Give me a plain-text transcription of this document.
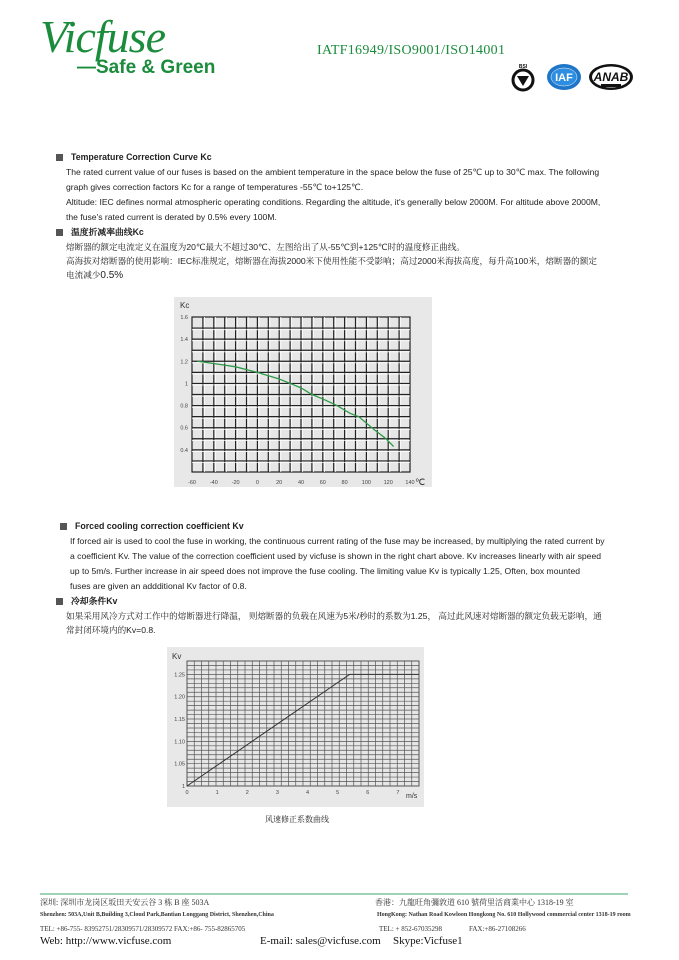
Vicfuse
—Safe & Green
IATF16949/ISO9001/ISO14001
BSI
IAF ANAB
Temperature Correction Curve Kc
The rated current value of our fuses is based on the ambient temperature in the space below the fuse of 25℃ up to 30℃ max. The following
graph gives correction factors Kc for a range of temperatures -55℃ to+125℃.
Altitude: IEC defines normal atmospheric operating conditions. Regarding the altitude, it's generally below 2000M. For altitude above 2000M,
the fuse's rated current is derated by 0.5% every 100M.
温度折减率曲线Kc
熔断器的额定电流定义在温度为20℃最大不超过30℃、左图给出了从-55℃到+125℃时的温度修正曲线。
高海拔对熔断器的使用影响：IEC标准规定，熔断器在海拔2000米下使用性能不受影响；高过2000米海拔高度，每升高100米，熔断器的额定
电流减少0.5%
0.4
0.6
0.8
1
1.2
1.4
1.6
-60	-40	-20	0	20	40	60	80	100 120 140
Kc
℃
Forced cooling correction coefficient Kv
If forced air is used to cool the fuse in working, the continuous current rating of the fuse may be increased, by multiplying the rated current by
a coefficient Kv. The value of the correction coefficient used by vicfuse is shown in the right chart above. Kv increases linearly with air speed
up to 5m/s. Further increase in air speed does not improve the fuse cooling. The limiting value Kv is typically 1.25, Often, box mounted
fuses are given an addditional Kv factor of 0.8.
冷却条件Kv
如果采用风冷方式对工作中的熔断器进行降温， 则熔断器的负载在风速为5米/秒时的系数为1.25， 高过此风速对熔断器的额定负载无影响，通
常封闭环境内的Kv=0.8.
1
1.05
1.10
1.15
1.20
1.25
0	1	2	3	4	5	6	7
Kv
m/s
风速修正系数曲线
深圳: 深圳市龙岗区坂田天安云谷 3 栋 B 座 503A
Shenzhen: 503A,Unit B,Building 3,Cloud Park,Bantian Longgang District, Shenzhen,China
TEL: +86-755- 83952751/28309571/28309572 FAX:+86- 755-82865705
Web: http://www.vicfuse.com	E-mail: sales@vicfuse.com Skype:Vicfuse1
香港：九龍旺角彌敦道 610 號荷里活商業中心 1318-19 室
HongKong: Nathan Road Kowloon Hongkong No. 610 Hollywood commercial center 1318-19 room
TEL: + 852-67035298	FAX:+86-27108266
